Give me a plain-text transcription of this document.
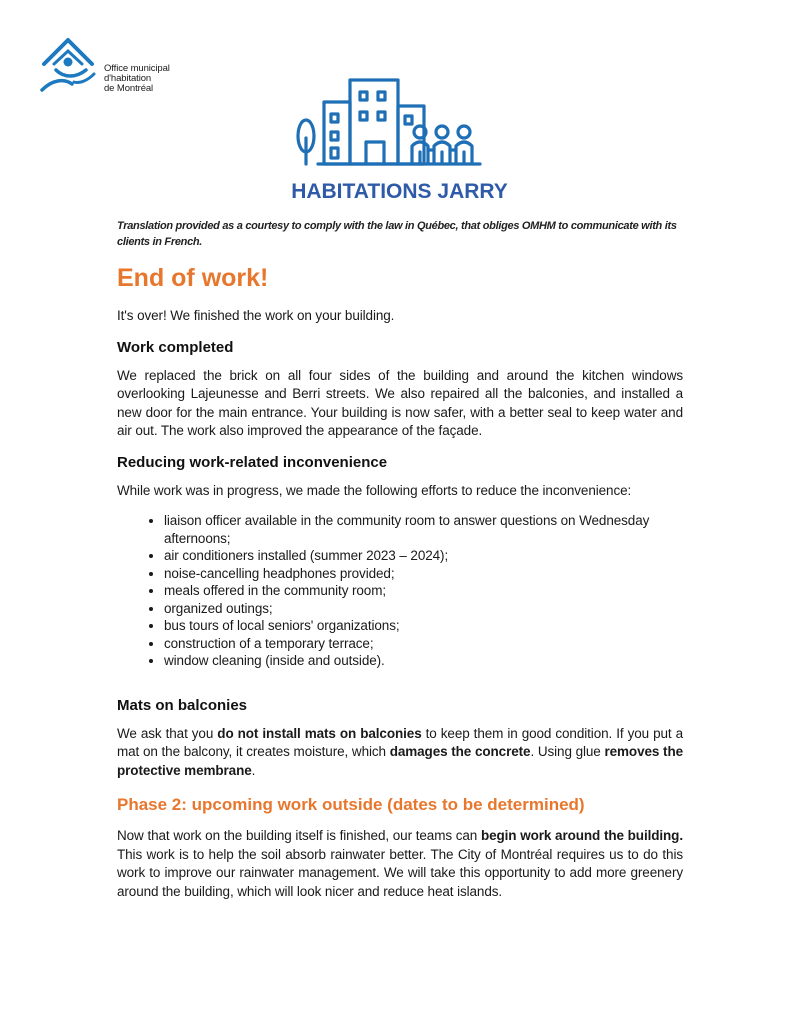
Office municipal
d'habitation
de Montréal
HABITATIONS JARRY

Translation provided as a courtesy to comply with the law in Québec, that obliges OMHM to communicate with its clients in French.

End of work!

It's over! We finished the work on your building.

Work completed

We replaced the brick on all four sides of the building and around the kitchen windows overlooking Lajeunesse and Berri streets. We also repaired all the balconies, and installed a new door for the main entrance. Your building is now safer, with a better seal to keep water and air out. The work also improved the appearance of the façade.

Reducing work-related inconvenience

While work was in progress, we made the following efforts to reduce the inconvenience:

• liaison officer available in the community room to answer questions on Wednesday afternoons;
• air conditioners installed (summer 2023 – 2024);
• noise-cancelling headphones provided;
• meals offered in the community room;
• organized outings;
• bus tours of local seniors' organizations;
• construction of a temporary terrace;
• window cleaning (inside and outside).
Mats on balconies

We ask that you do not install mats on balconies to keep them in good condition. If you put a mat on the balcony, it creates moisture, which damages the concrete. Using glue removes the protective membrane.

Phase 2: upcoming work outside (dates to be determined)

Now that work on the building itself is finished, our teams can begin work around the building. This work is to help the soil absorb rainwater better. The City of Montréal requires us to do this work to improve our rainwater management. We will take this opportunity to add more greenery around the building, which will look nicer and reduce heat islands.
